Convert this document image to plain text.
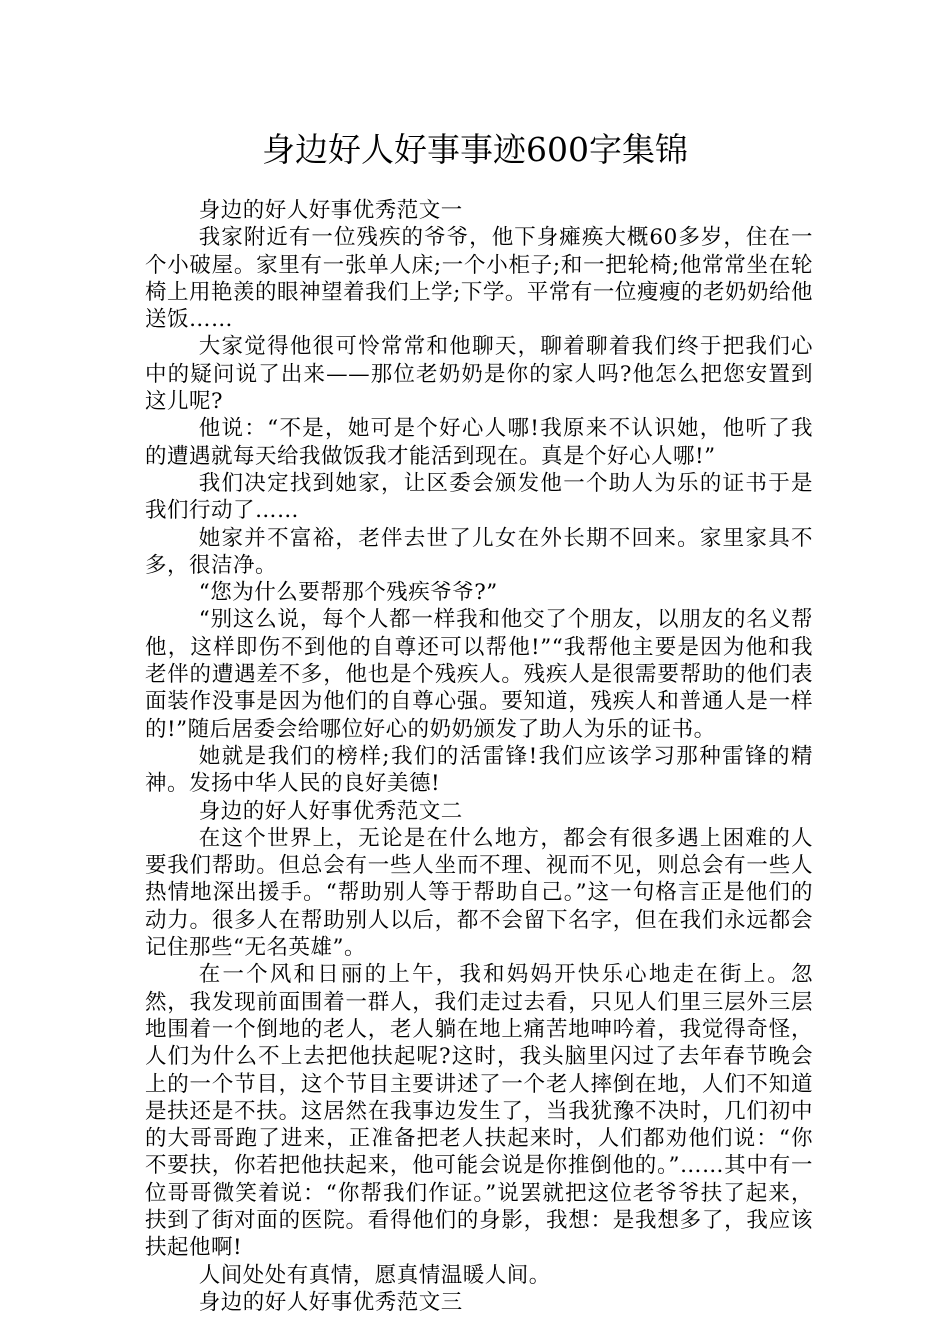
身边好人好事事迹600字集锦

身边的好人好事优秀范文一

我家附近有一位残疾的爷爷，他下身瘫痪大概60多岁，住在一个小破屋。家里有一张单人床;一个小柜子;和一把轮椅;他常常坐在轮椅上用艳羡的眼神望着我们上学;下学。平常有一位瘦瘦的老奶奶给他送饭……

大家觉得他很可怜常常和他聊天，聊着聊着我们终于把我们心中的疑问说了出来——那位老奶奶是你的家人吗?他怎么把您安置到这儿呢?

他说：“不是，她可是个好心人哪!我原来不认识她，他听了我的遭遇就每天给我做饭我才能活到现在。真是个好心人哪!”

我们决定找到她家，让区委会颁发他一个助人为乐的证书于是我们行动了……

她家并不富裕，老伴去世了儿女在外长期不回来。家里家具不多，很洁净。

“您为什么要帮那个残疾爷爷?”

“别这么说，每个人都一样我和他交了个朋友，以朋友的名义帮他，这样即伤不到他的自尊还可以帮他!”“我帮他主要是因为他和我老伴的遭遇差不多，他也是个残疾人。残疾人是很需要帮助的他们表面装作没事是因为他们的自尊心强。要知道，残疾人和普通人是一样的!”随后居委会给哪位好心的奶奶颁发了助人为乐的证书。

她就是我们的榜样;我们的活雷锋!我们应该学习那种雷锋的精神。发扬中华人民的良好美德!

身边的好人好事优秀范文二

在这个世界上，无论是在什么地方，都会有很多遇上困难的人要我们帮助。但总会有一些人坐而不理、视而不见，则总会有一些人热情地深出援手。“帮助别人等于帮助自己。”这一句格言正是他们的动力。很多人在帮助别人以后，都不会留下名字，但在我们永远都会记住那些“无名英雄”。

在一个风和日丽的上午，我和妈妈开快乐心地走在街上。忽然，我发现前面围着一群人，我们走过去看，只见人们里三层外三层地围着一个倒地的老人，老人躺在地上痛苦地呻吟着，我觉得奇怪，人们为什么不上去把他扶起呢?这时，我头脑里闪过了去年春节晚会上的一个节目，这个节目主要讲述了一个老人摔倒在地，人们不知道是扶还是不扶。这居然在我事边发生了，当我犹豫不决时，几们初中的大哥哥跑了进来，正准备把老人扶起来时，人们都劝他们说：“你不要扶，你若把他扶起来，他可能会说是你推倒他的。”……其中有一位哥哥微笑着说：“你帮我们作证。”说罢就把这位老爷爷扶了起来，扶到了街对面的医院。看得他们的身影，我想：是我想多了，我应该扶起他啊!

人间处处有真情，愿真情温暖人间。

身边的好人好事优秀范文三
